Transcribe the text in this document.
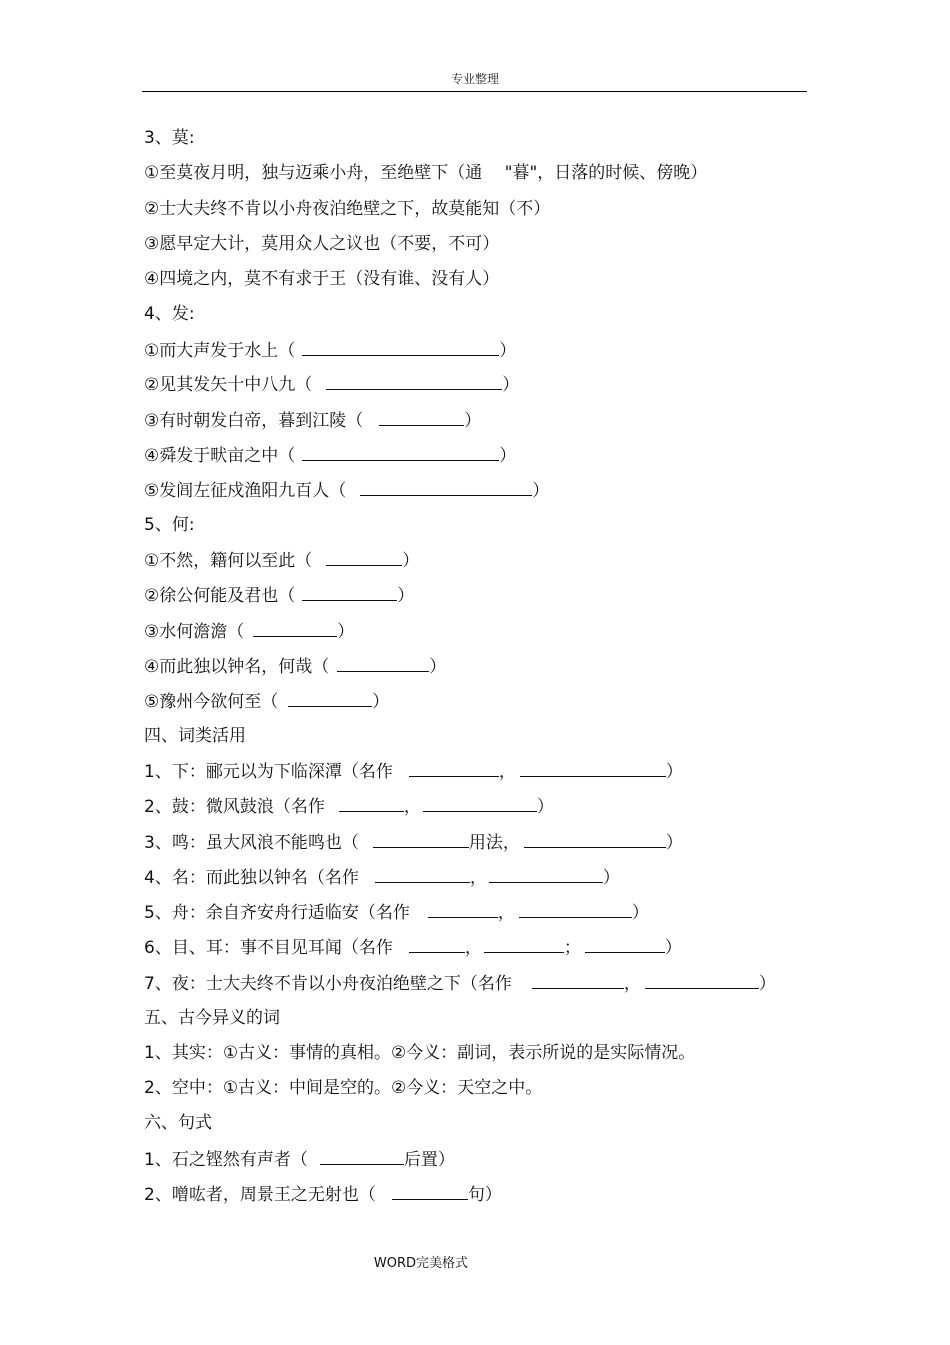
专业整理
3、莫:
①至莫夜月明，独与迈乘小舟，至绝壁下（通　 "暮"，日落的时候、傍晚）
②士大夫终不肯以小舟夜泊绝壁之下，故莫能知（不）
③愿早定大计，莫用众人之议也（不要，不可）
④四境之内，莫不有求于王（没有谁、没有人）
4、发:
①而大声发于水上（	）
②见其发矢十中八九（	）
③有时朝发白帝，暮到江陵（	）
④舜发于畎亩之中（	）
⑤发闾左征戍渔阳九百人（	）
5、何:
①不然，籍何以至此（	）
②徐公何能及君也（	）
③水何澹澹（	）
④而此独以钟名，何哉（	）
⑤豫州今欲何至（	）
四、词类活用
1、下：郦元以为下临深潭（名作	，	）
2、鼓：微风鼓浪（名作	，	）
3、鸣：虽大风浪不能鸣也（	用法，	）
4、名：而此独以钟名（名作	，	）
5、舟：余自齐安舟行适临安（名作	，	）
6、目、耳：事不目见耳闻（名作	，	；	）
7、夜：士大夫终不肯以小舟夜泊绝壁之下（名作	，	）
五、古今异义的词
1、其实：①古义：事情的真相。②今义：副词，表示所说的是实际情况。
2、空中：①古义：中间是空的。②今义：天空之中。
六、句式
1、石之铿然有声者（	后置）
2、噌吰者，周景王之无射也（	句）
WORD完美格式
